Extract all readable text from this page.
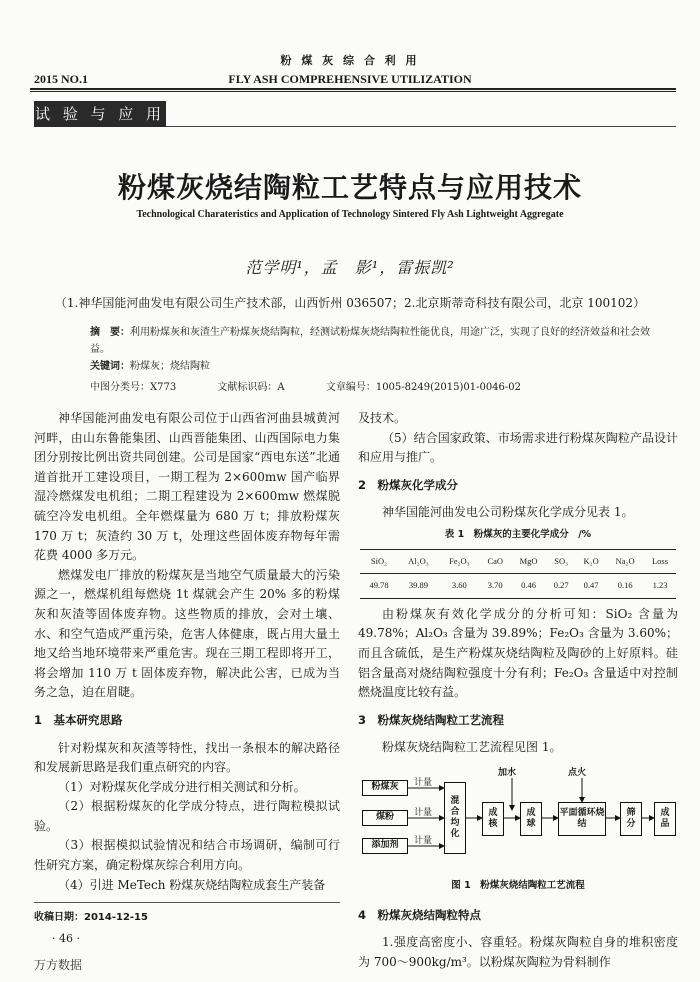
粉 煤 灰 综 合 利 用
2015 NO.1	FLY ASH COMPREHENSIVE UTILIZATION
试 验 与 应 用
粉煤灰烧结陶粒工艺特点与应用技术
Technological Charateristics and Application of Technology Sintered Fly Ash Lightweight Aggregate
范学明¹，孟　影¹，雷振凯²
（1.神华国能河曲发电有限公司生产技术部，山西忻州 036507；2.北京斯蒂奇科技有限公司，北京 100102）
摘　要：利用粉煤灰和灰渣生产粉煤灰烧结陶粒，经测试粉煤灰烧结陶粒性能优良，用途广泛，实现了良好的经济效益和社会效益。
关键词：粉煤灰；烧结陶粒
中图分类号：X773	文献标识码：A	文章编号：1005-8249(2015)01-0046-02

神华国能河曲发电有限公司位于山西省河曲县城黄河河畔，由山东鲁能集团、山西晋能集团、山西国际电力集团分别按比例出资共同创建。公司是国家“西电东送”北通道首批开工建设项目，一期工程为 2×600mw 国产临界湿冷燃煤发电机组；二期工程建设为 2×600mw 燃煤脱硫空冷发电机组。全年燃煤量为 680 万 t；排放粉煤灰 170 万 t；灰渣约 30 万 t，处理这些固体废弃物每年需花费 4000 多万元。

燃煤发电厂排放的粉煤灰是当地空气质量最大的污染源之一，燃煤机组每燃烧 1t 煤就会产生 20% 多的粉煤灰和灰渣等固体废弃物。这些物质的排放，会对土壤、水、和空气造成严重污染，危害人体健康，既占用大量土地又给当地环境带来严重危害。现在三期工程即将开工，将会增加 110 万 t 固体废弃物，解决此公害，已成为当务之急，迫在眉睫。

1　基本研究思路

针对粉煤灰和灰渣等特性，找出一条根本的解决路径和发展新思路是我们重点研究的内容。

（1）对粉煤灰化学成分进行相关测试和分析。

（2）根据粉煤灰的化学成分特点，进行陶粒模拟试验。

（3）根据模拟试验情况和结合市场调研，编制可行性研究方案，确定粉煤灰综合利用方向。

（4）引进 MeTech 粉煤灰烧结陶粒成套生产装备

及技术。

（5）结合国家政策、市场需求进行粉煤灰陶粒产品设计和应用与推广。

2　粉煤灰化学成分

神华国能河曲发电公司粉煤灰化学成分见表 1。

表 1　粉煤灰的主要化学成分　/%
SiO₂	Al₂O₃	Fe₂O₃	CaO	MgO	SO₃	K₂O	Na₂O	Loss
49.78	39.89	3.60	3.70	0.46	0.27	0.47	0.16	1.23

由粉煤灰有效化学成分的分析可知：SiO₂ 含量为 49.78%；Al₂O₃ 含量为 39.89%；Fe₂O₃ 含量为 3.60%；而且含硫低，是生产粉煤灰烧结陶粒及陶砂的上好原料。硅铝含量高对烧结陶粒强度十分有利；Fe₂O₃ 含量适中对控制燃烧温度比较有益。

3　粉煤灰烧结陶粒工艺流程

粉煤灰烧结陶粒工艺流程见图 1。

计量
计量
计量
加水	点火
粉煤灰
煤粉
添加剂
混合均化
成核
成球
平面循环烧结
筛分
成品
图 1　粉煤灰烧结陶粒工艺流程

4　粉煤灰烧结陶粒特点

1.强度高密度小、容重轻。粉煤灰陶粒自身的堆积密度为 700～900kg/m³。以粉煤灰陶粒为骨料制作

收稿日期：2014-12-15
· 46 ·
万方数据
